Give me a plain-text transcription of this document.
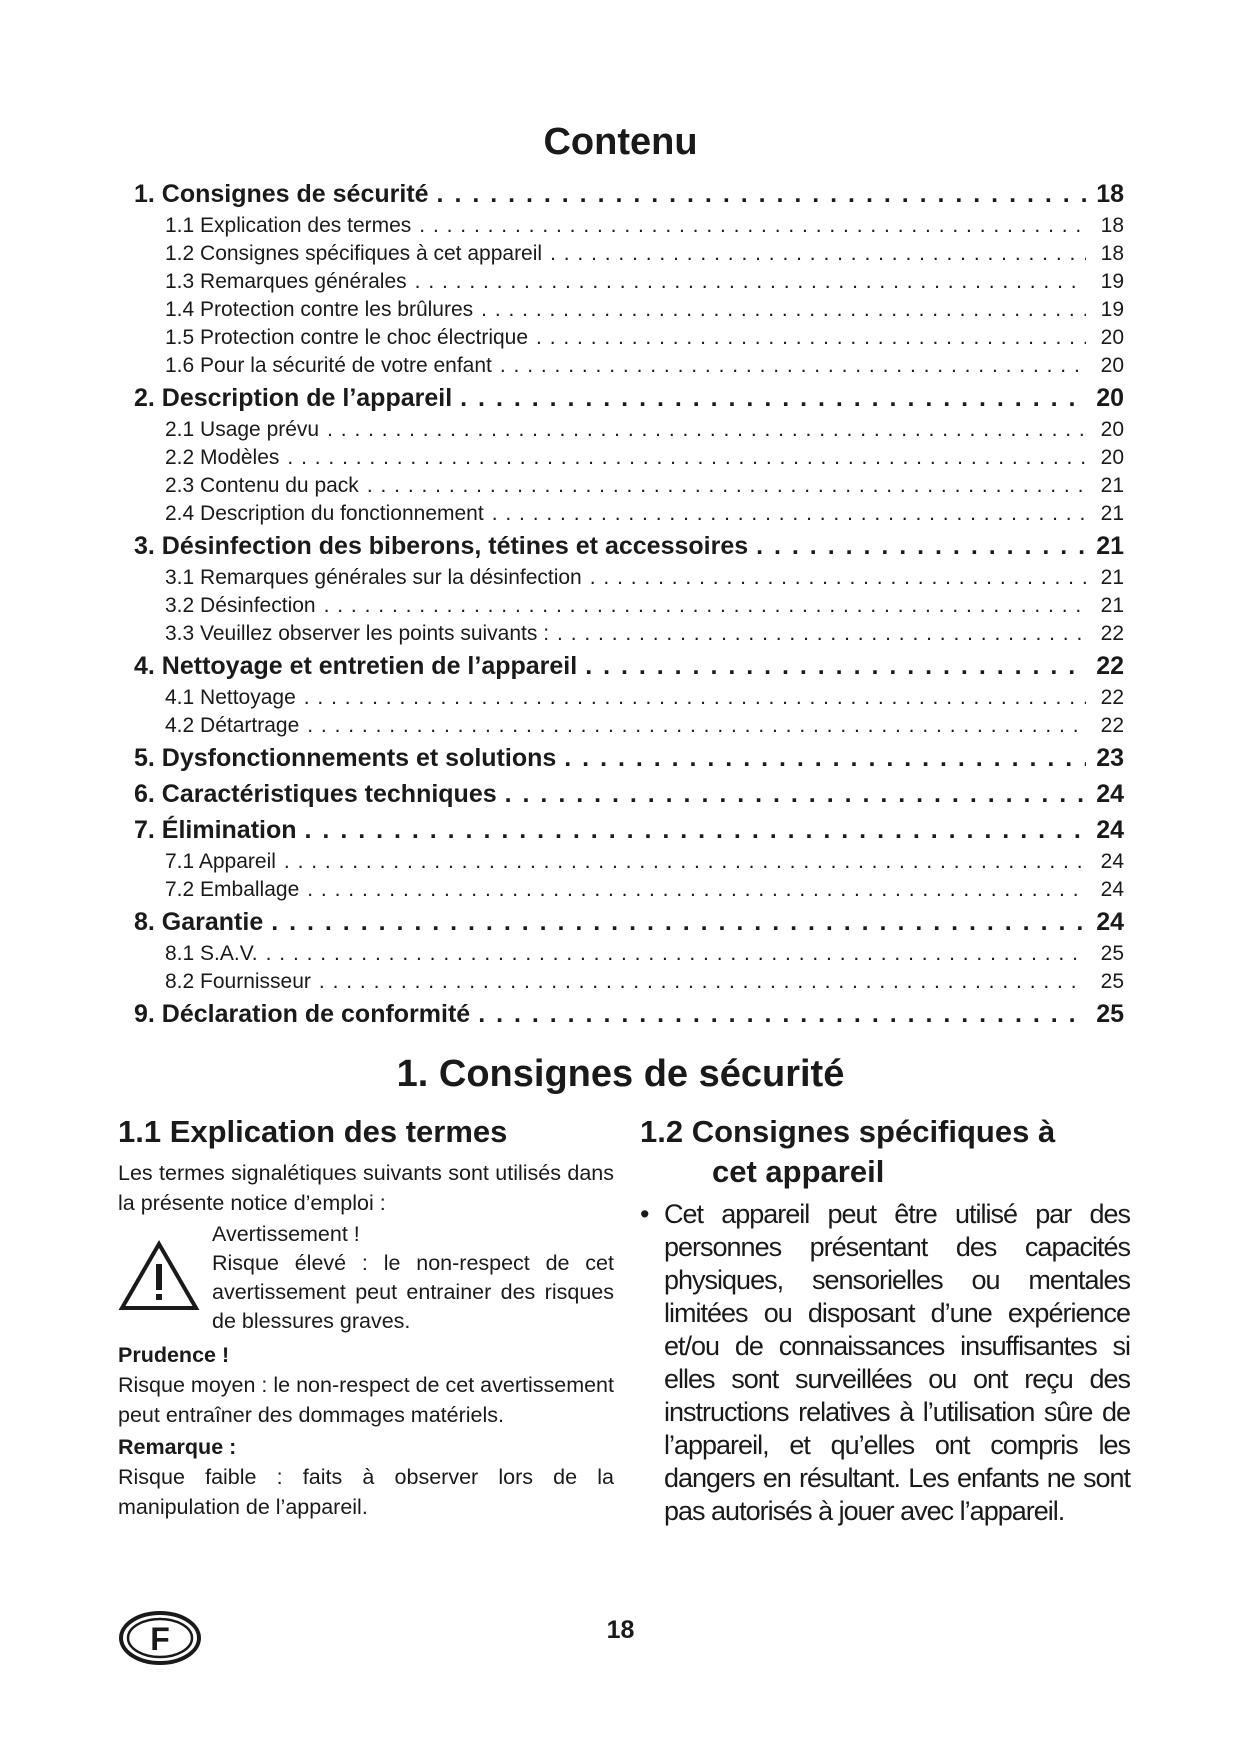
Contenu
1. Consignes de sécurité . . .	18
1.1 Explication des termes . . .	18
1.2 Consignes spécifiques à cet appareil . . .	18
1.3 Remarques générales . . .	19
1.4 Protection contre les brûlures . . .	19
1.5 Protection contre le choc électrique . . .	20
1.6 Pour la sécurité de votre enfant . . .	20
2. Description de l’appareil . . .	20
2.1 Usage prévu . . .	20
2.2 Modèles . . .	20
2.3 Contenu du pack . . .	21
2.4 Description du fonctionnement . . .	21
3. Désinfection des biberons, tétines et accessoires . . .	21
3.1 Remarques générales sur la désinfection . . .	21
3.2 Désinfection . . .	21
3.3 Veuillez observer les points suivants : . . .	22
4. Nettoyage et entretien de l’appareil . . .	22
4.1 Nettoyage . . .	22
4.2 Détartrage . . .	22
5. Dysfonctionnements et solutions . . .	23
6. Caractéristiques techniques . . .	24
7. Élimination . . .	24
7.1 Appareil . . .	24
7.2 Emballage . . .	24
8. Garantie . . .	24
8.1 S.A.V. . . .	25
8.2 Fournisseur . . .	25
9. Déclaration de conformité . . .	25
1. Consignes de sécurité
1.1 Explication des termes
Les termes signalétiques suivants sont utilisés dans la présente notice d’emploi :
Avertissement !
Risque élevé : le non-respect de cet avertissement peut entrainer des risques de blessures graves.
Prudence !
Risque moyen : le non-respect de cet avertissement peut entraîner des dommages matériels.
Remarque :
Risque faible : faits à observer lors de la manipulation de l’appareil.
1.2 Consignes spécifiques à
cet appareil
• Cet appareil peut être utilisé par des personnes présentant des capacités physiques, sensorielles ou mentales limitées ou disposant d’une expérience et/ou de connaissances insuffisantes si elles sont surveillées ou ont reçu des instructions relatives à l’utilisation sûre de l’appareil, et qu’elles ont compris les dangers en résultant. Les enfants ne sont pas autorisés à jouer avec l’appareil.
F	18
